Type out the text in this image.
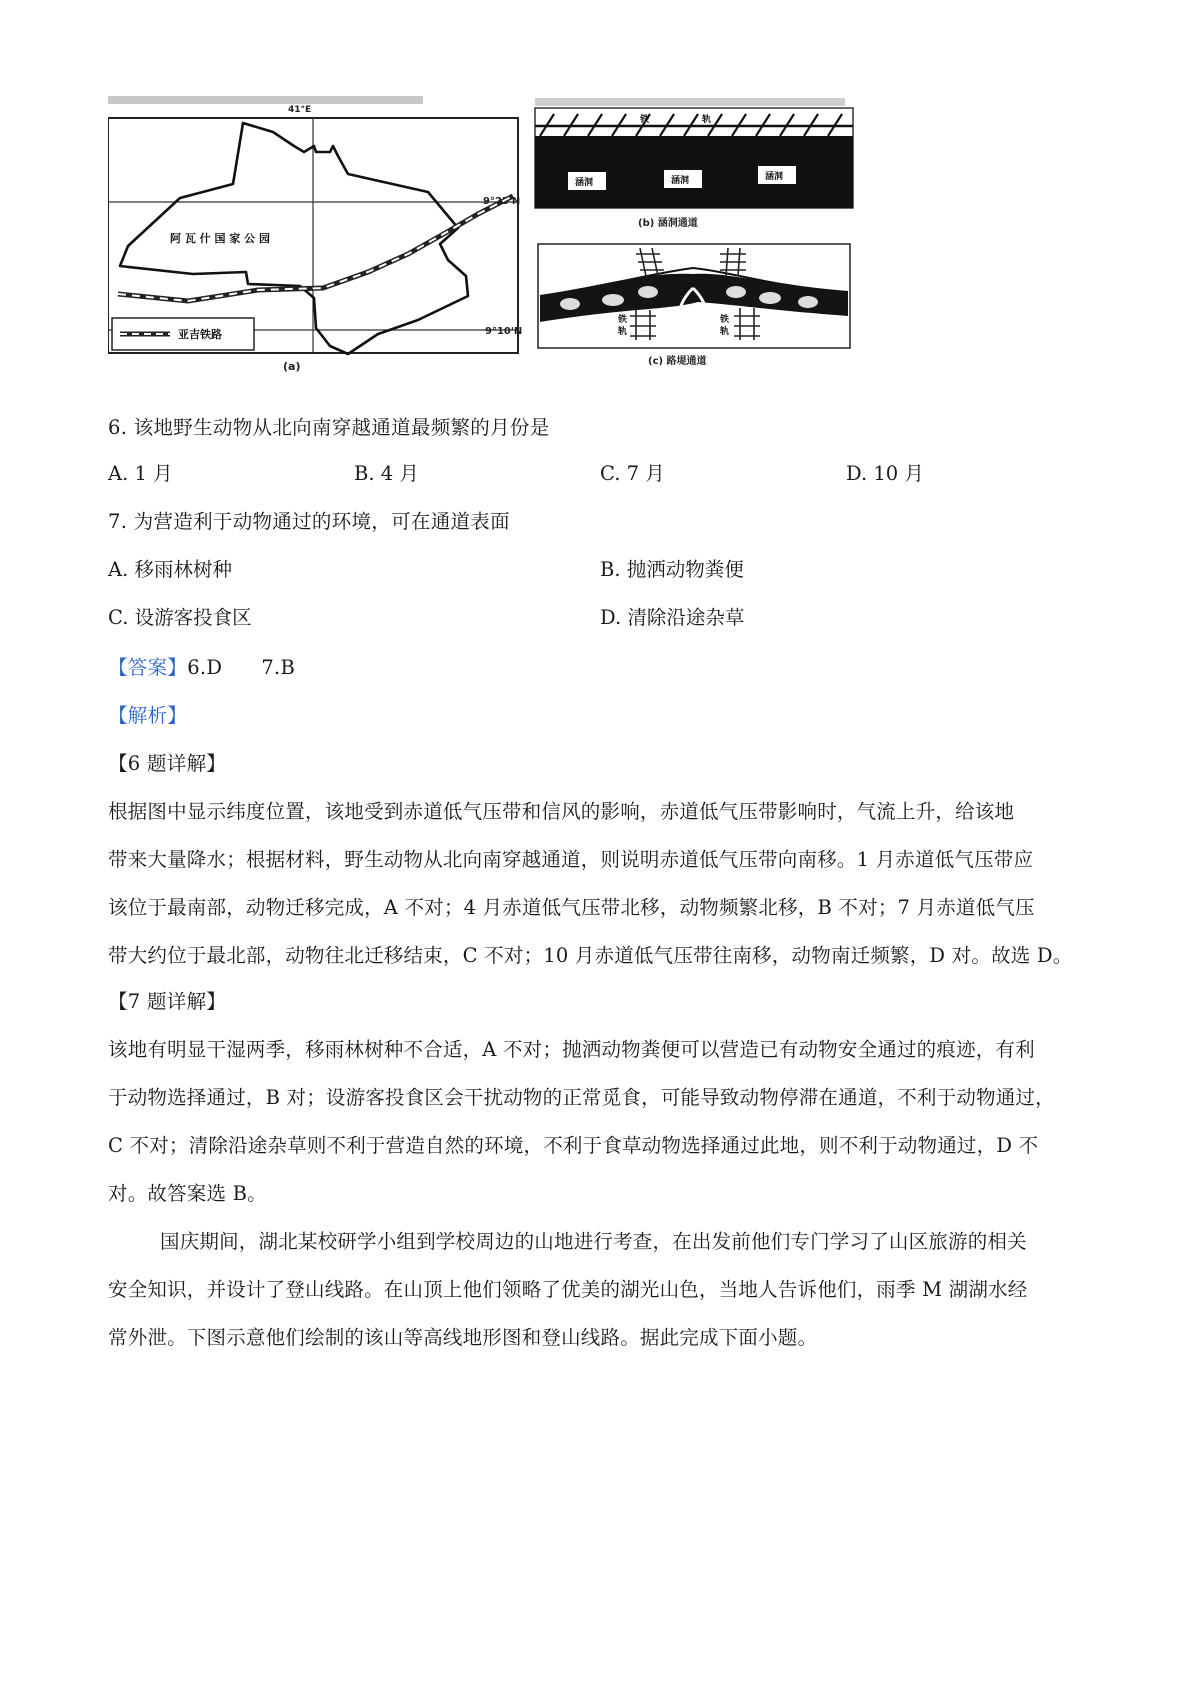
41°E
9°25'N
9°10'N
阿 瓦 什 国 家 公 园
亚吉铁路
(a)
铁	轨
涵洞	涵洞	涵洞
(b) 涵洞通道
铁
轨
铁
轨
(c) 路堤通道
6. 该地野生动物从北向南穿越通道最频繁的月份是
A. 1 月	B. 4 月	C. 7 月	D. 10 月
7. 为营造利于动物通过的环境，可在通道表面
A. 移雨林树种	B. 抛洒动物粪便
C. 设游客投食区	D. 清除沿途杂草
【答案】6.D      7.B
【解析】
【6 题详解】
根据图中显示纬度位置，该地受到赤道低气压带和信风的影响，赤道低气压带影响时，气流上升，给该地
带来大量降水；根据材料，野生动物从北向南穿越通道，则说明赤道低气压带向南移。1 月赤道低气压带应
该位于最南部，动物迁移完成，A 不对；4 月赤道低气压带北移，动物频繁北移，B 不对；7 月赤道低气压
带大约位于最北部，动物往北迁移结束，C 不对；10 月赤道低气压带往南移，动物南迁频繁，D 对。故选 D。
【7 题详解】
该地有明显干湿两季，移雨林树种不合适，A 不对；抛洒动物粪便可以营造已有动物安全通过的痕迹，有利
于动物选择通过，B 对；设游客投食区会干扰动物的正常觅食，可能导致动物停滞在通道，不利于动物通过，
C 不对；清除沿途杂草则不利于营造自然的环境，不利于食草动物选择通过此地，则不利于动物通过，D 不
对。故答案选 B。
国庆期间，湖北某校研学小组到学校周边的山地进行考查，在出发前他们专门学习了山区旅游的相关
安全知识，并设计了登山线路。在山顶上他们领略了优美的湖光山色，当地人告诉他们，雨季 M 湖湖水经
常外泄。下图示意他们绘制的该山等高线地形图和登山线路。据此完成下面小题。
